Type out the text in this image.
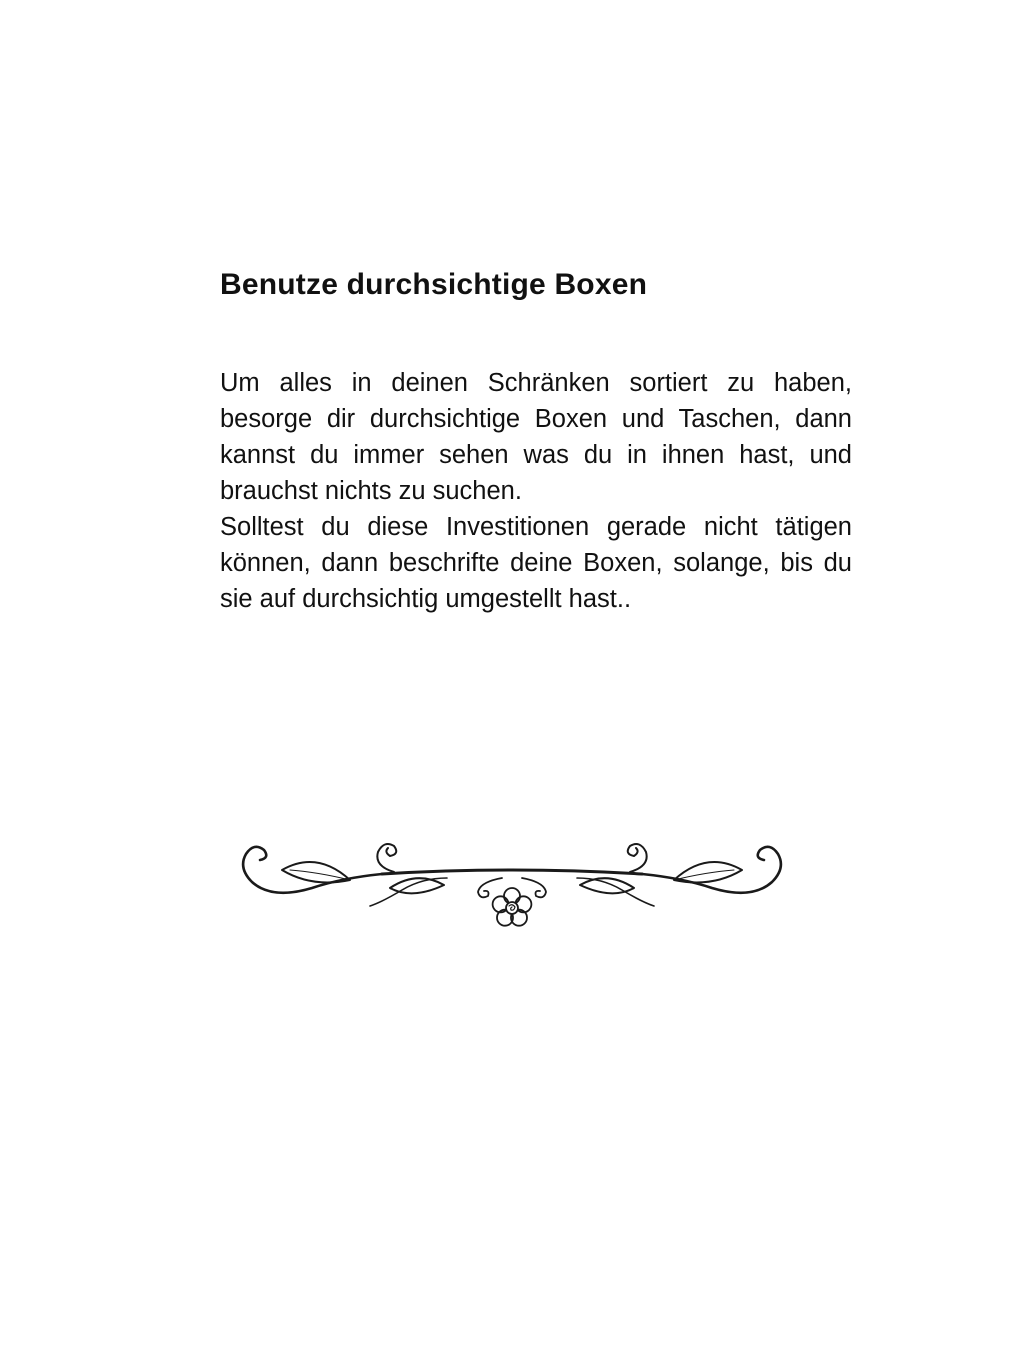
Benutze durchsichtige Boxen

Um alles in deinen Schränken sortiert zu haben, besorge dir durchsichtige Boxen und Taschen, dann kannst du immer sehen was du in ihnen hast, und brauchst nichts zu suchen.

Solltest du diese Investitionen gerade nicht tätigen können, dann beschrifte deine Boxen, solange, bis du sie auf durchsichtig umgestellt hast..
